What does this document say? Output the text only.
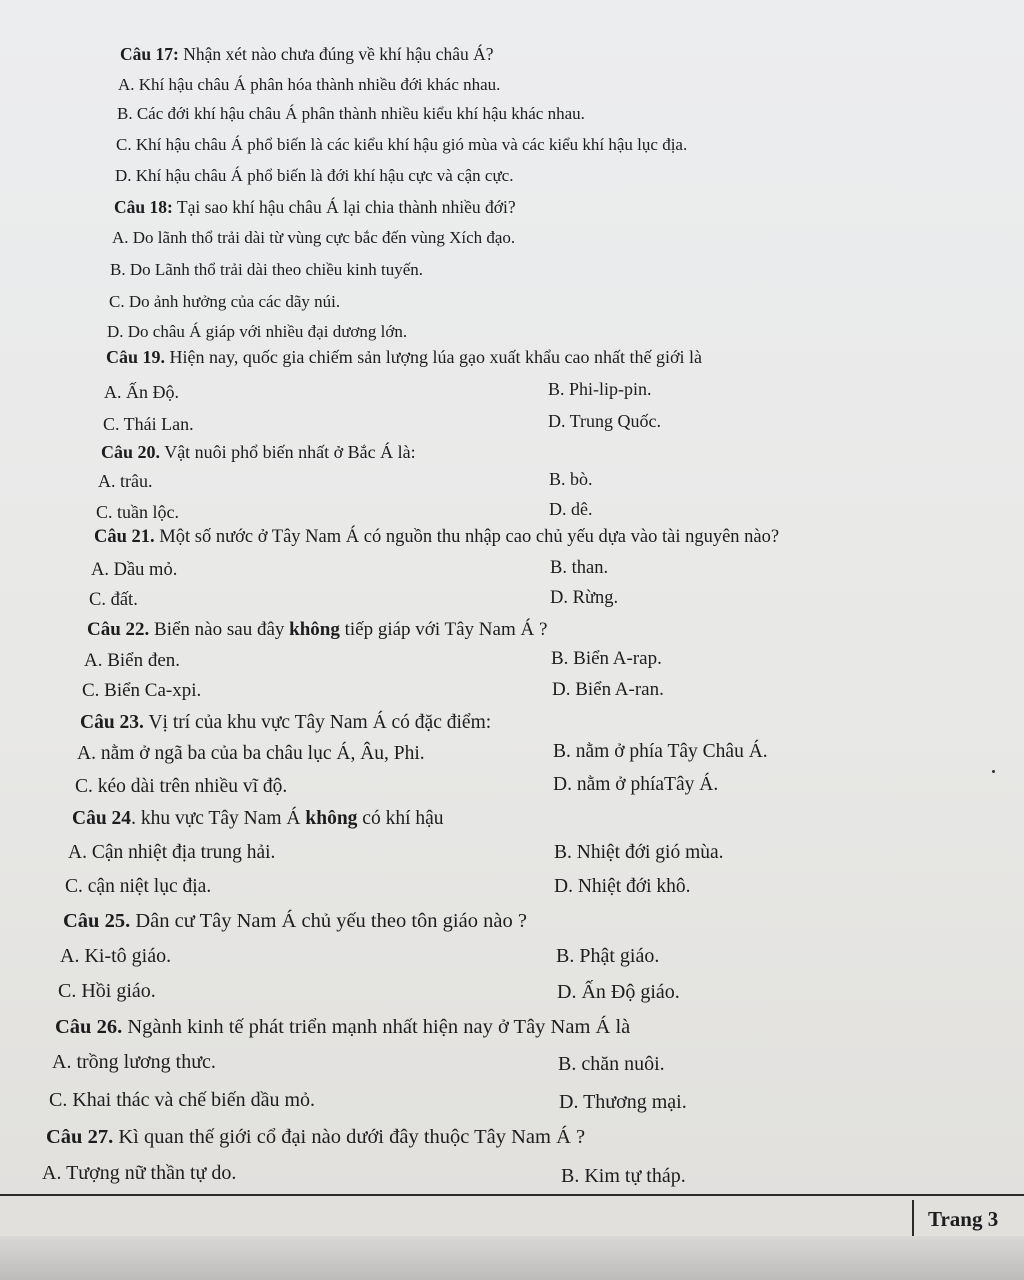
Câu 17: Nhận xét nào chưa đúng về khí hậu châu Á?
A. Khí hậu châu Á phân hóa thành nhiều đới khác nhau.
B. Các đới khí hậu châu Á phân thành nhiều kiểu khí hậu khác nhau.
C. Khí hậu châu Á phổ biến là các kiểu khí hậu gió mùa và các kiểu khí hậu lục địa.
D. Khí hậu châu Á phổ biến là đới khí hậu cực và cận cực.
Câu 18: Tại sao khí hậu châu Á lại chia thành nhiều đới?
A. Do lãnh thổ trải dài từ vùng cực bắc đến vùng Xích đạo.
B. Do Lãnh thổ trải dài theo chiều kinh tuyến.
C. Do ảnh hưởng của các dãy núi.
D. Do châu Á giáp với nhiều đại dương lớn.
Câu 19. Hiện nay, quốc gia chiếm sản lượng lúa gạo xuất khẩu cao nhất thế giới là
A. Ấn Độ.	B. Phi-lip-pin.
C. Thái Lan.	D. Trung Quốc.
Câu 20. Vật nuôi phổ biến nhất ở Bắc Á là:
A. trâu.	B. bò.
C. tuần lộc.	D. dê.
Câu 21. Một số nước ở Tây Nam Á có nguồn thu nhập cao chủ yếu dựa vào tài nguyên nào?
A. Dầu mỏ.	B. than.
C. đất.	D. Rừng.
Câu 22. Biển nào sau đây không tiếp giáp với Tây Nam Á ?
A. Biển đen.	B. Biển A-rap.
C. Biển Ca-xpi.	D. Biển A-ran.
Câu 23. Vị trí của khu vực Tây Nam Á có đặc điểm:
A. nằm ở ngã ba của ba châu lục Á, Âu, Phi.	B. nằm ở phía Tây Châu Á.
C. kéo dài trên nhiều vĩ độ.	D. nằm ở phíaTây Á.
Câu 24. khu vực Tây Nam Á không có khí hậu
A. Cận nhiệt địa trung hải.	B. Nhiệt đới gió mùa.
C. cận niệt lục địa.	D. Nhiệt đới khô.
Câu 25. Dân cư Tây Nam Á chủ yếu theo tôn giáo nào ?
A. Ki-tô giáo.	B. Phật giáo.
C. Hồi giáo.	D. Ấn Độ giáo.
Câu 26. Ngành kinh tế phát triển mạnh nhất hiện nay ở Tây Nam Á là
A. trồng lương thưc.	B. chăn nuôi.
C. Khai thác và chế biến dầu mỏ.	D. Thương mại.
Câu 27. Kì quan thế giới cổ đại nào dưới đây thuộc Tây Nam Á ?
A. Tượng nữ thần tự do.	B. Kim tự tháp.
Trang 3
